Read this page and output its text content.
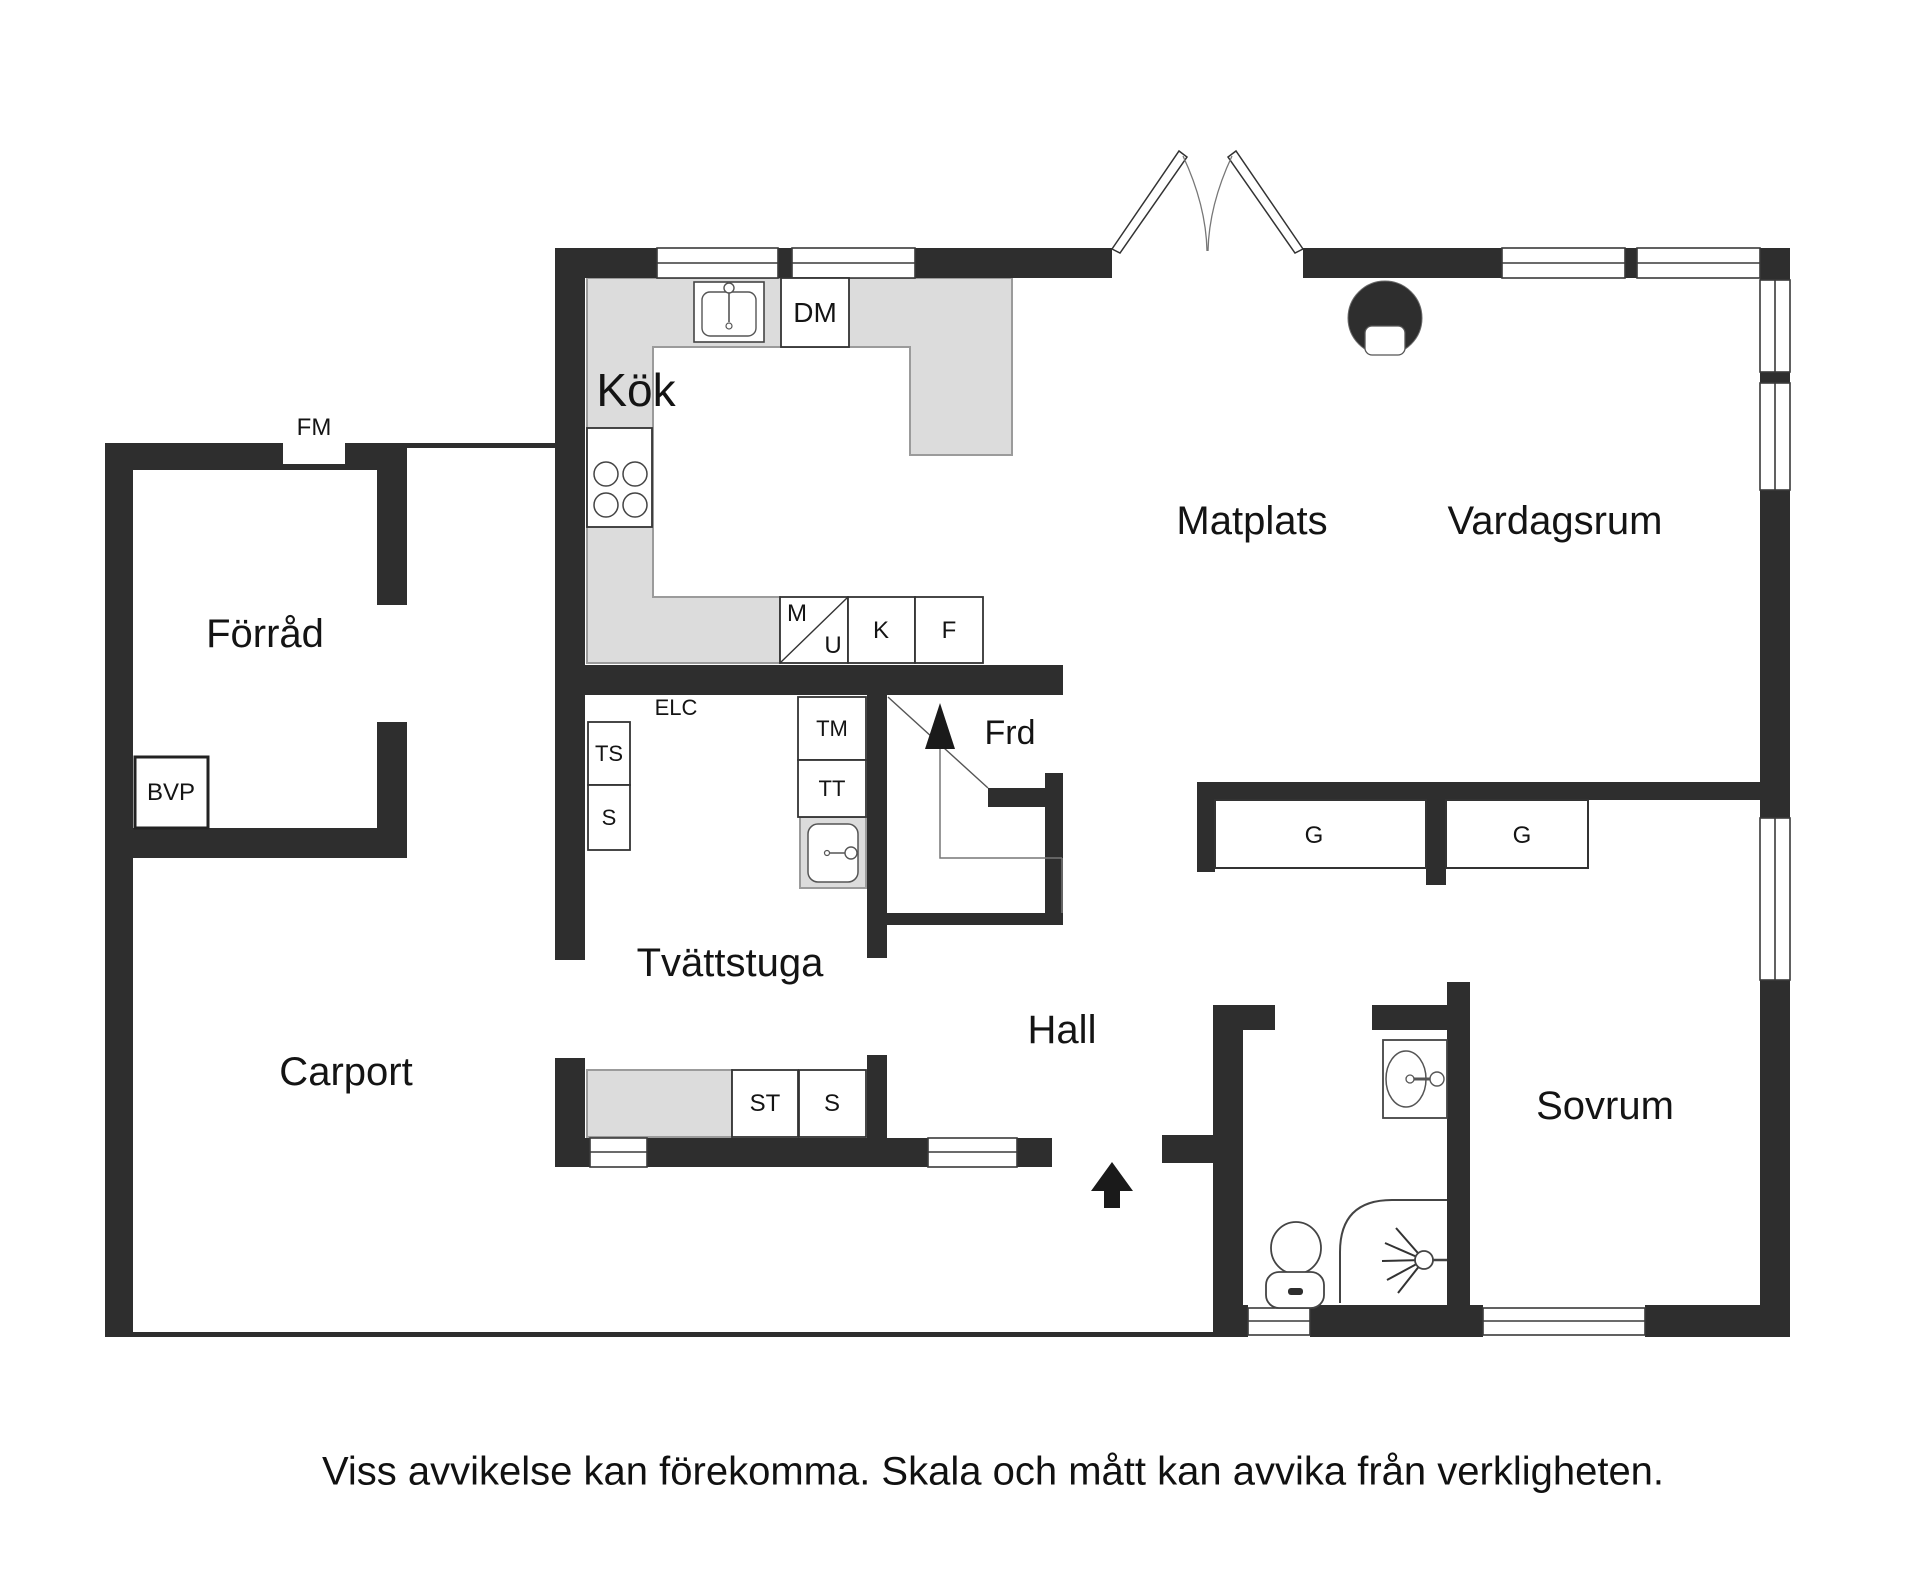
Kök
Matplats	Vardagsrum
Förråd
Tvättstuga
Carport
Hall
Sovrum
Frd
FM
DM
M
U
K F
ELC
TS
S
TM
TT
ST S
G	G
BVP
Viss avvikelse kan förekomma. Skala och mått kan avvika från verkligheten.
